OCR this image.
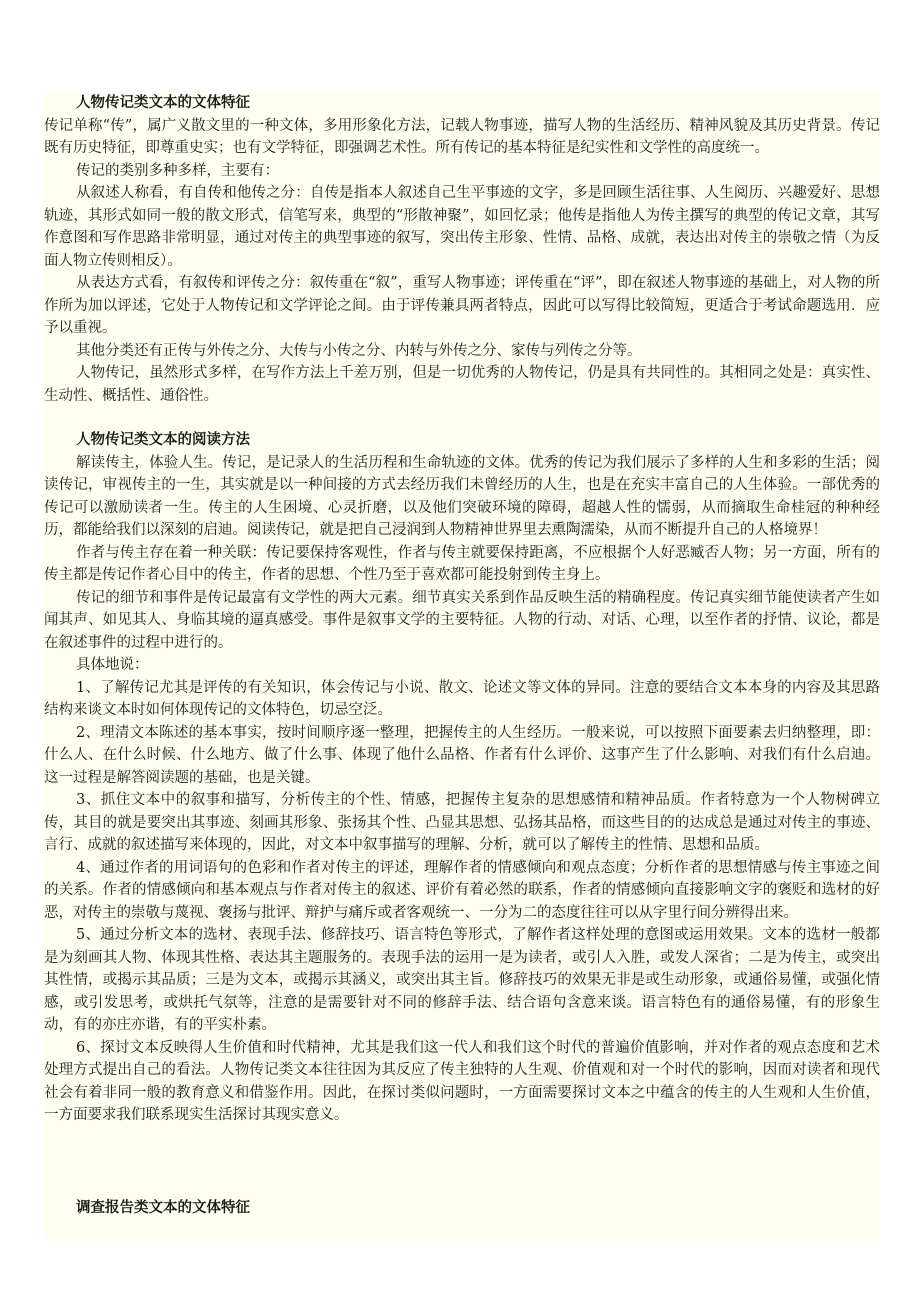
人物传记类文本的文体特征

传记单称“传”，属广义散文里的一种文体，多用形象化方法，记载人物事迹，描写人物的生活经历、精神风貌及其历史背景。传记既有历史特征，即尊重史实；也有文学特征，即强调艺术性。所有传记的基本特征是纪实性和文学性的高度统一。

传记的类别多种多样，主要有：

从叙述人称看，有自传和他传之分：自传是指本人叙述自己生平事迹的文字，多是回顾生活往事、人生阅历、兴趣爱好、思想轨迹，其形式如同一般的散文形式，信笔写来，典型的“形散神聚”，如回忆录；他传是指他人为传主撰写的典型的传记文章，其写作意图和写作思路非常明显，通过对传主的典型事迹的叙写，突出传主形象、性情、品格、成就，表达出对传主的崇敬之情（为反面人物立传则相反）。

从表达方式看，有叙传和评传之分：叙传重在“叙”，重写人物事迹；评传重在“评”，即在叙述人物事迹的基础上，对人物的所作所为加以评述，它处于人物传记和文学评论之间。由于评传兼具两者特点，因此可以写得比较简短，更适合于考试命题选用．应予以重视。

其他分类还有正传与外传之分、大传与小传之分、内转与外传之分、家传与列传之分等。

人物传记，虽然形式多样，在写作方法上千差万别，但是一切优秀的人物传记，仍是具有共同性的。其相同之处是：真实性、生动性、概括性、通俗性。

人物传记类文本的阅读方法

解读传主，体验人生。传记，是记录人的生活历程和生命轨迹的文体。优秀的传记为我们展示了多样的人生和多彩的生活；阅读传记，审视传主的一生，其实就是以一种间接的方式去经历我们未曾经历的人生，也是在充实丰富自己的人生体验。一部优秀的传记可以激励读者一生。传主的人生困境、心灵折磨，以及他们突破环境的障碍，超越人性的懦弱，从而摘取生命桂冠的种种经历，都能给我们以深刻的启迪。阅读传记，就是把自己浸润到人物精神世界里去熏陶濡染，从而不断提升自己的人格境界！

作者与传主存在着一种关联：传记要保持客观性，作者与传主就要保持距离，不应根据个人好恶臧否人物；另一方面，所有的传主都是传记作者心目中的传主，作者的思想、个性乃至于喜欢都可能投射到传主身上。

传记的细节和事件是传记最富有文学性的两大元素。细节真实关系到作品反映生活的精确程度。传记真实细节能使读者产生如闻其声、如见其人、身临其境的逼真感受。事件是叙事文学的主要特征。人物的行动、对话、心理，以至作者的抒情、议论，都是在叙述事件的过程中进行的。

具体地说：

1、了解传记尤其是评传的有关知识，体会传记与小说、散文、论述文等文体的异同。注意的要结合文本本身的内容及其思路结构来谈文本时如何体现传记的文体特色，切忌空泛。

2、理清文本陈述的基本事实，按时间顺序逐一整理，把握传主的人生经历。一般来说，可以按照下面要素去归纳整理，即：什么人、在什么时候、什么地方、做了什么事、体现了他什么品格、作者有什么评价、这事产生了什么影响、对我们有什么启迪。这一过程是解答阅读题的基础，也是关键。

3、抓住文本中的叙事和描写，分析传主的个性、情感，把握传主复杂的思想感情和精神品质。作者特意为一个人物树碑立传，其目的就是要突出其事迹、刻画其形象、张扬其个性、凸显其思想、弘扬其品格，而这些目的的达成总是通过对传主的事迹、言行、成就的叙述描写来体现的，因此，对文本中叙事描写的理解、分析，就可以了解传主的性情、思想和品质。

4、通过作者的用词语句的色彩和作者对传主的评述，理解作者的情感倾向和观点态度；分析作者的思想情感与传主事迹之间的关系。作者的情感倾向和基本观点与作者对传主的叙述、评价有着必然的联系，作者的情感倾向直接影响文字的褒贬和选材的好恶，对传主的崇敬与蔑视、褒扬与批评、辩护与痛斥或者客观统一、一分为二的态度往往可以从字里行间分辨得出来。

5、通过分析文本的选材、表现手法、修辞技巧、语言特色等形式，了解作者这样处理的意图或运用效果。文本的选材一般都是为刻画其人物、体现其性格、表达其主题服务的。表现手法的运用一是为读者，或引人入胜，或发人深省；二是为传主，或突出其性情，或揭示其品质；三是为文本，或揭示其涵义，或突出其主旨。修辞技巧的效果无非是或生动形象，或通俗易懂，或强化情感，或引发思考，或烘托气氛等，注意的是需要针对不同的修辞手法、结合语句含意来谈。语言特色有的通俗易懂，有的形象生动，有的亦庄亦谐，有的平实朴素。

6、探讨文本反映得人生价值和时代精神，尤其是我们这一代人和我们这个时代的普遍价值影响，并对作者的观点态度和艺术处理方式提出自己的看法。人物传记类文本往往因为其反应了传主独特的人生观、价值观和对一个时代的影响，因而对读者和现代社会有着非同一般的教育意义和借鉴作用。因此，在探讨类似问题时，一方面需要探讨文本之中蕴含的传主的人生观和人生价值，一方面要求我们联系现实生活探讨其现实意义。

调查报告类文本的文体特征
